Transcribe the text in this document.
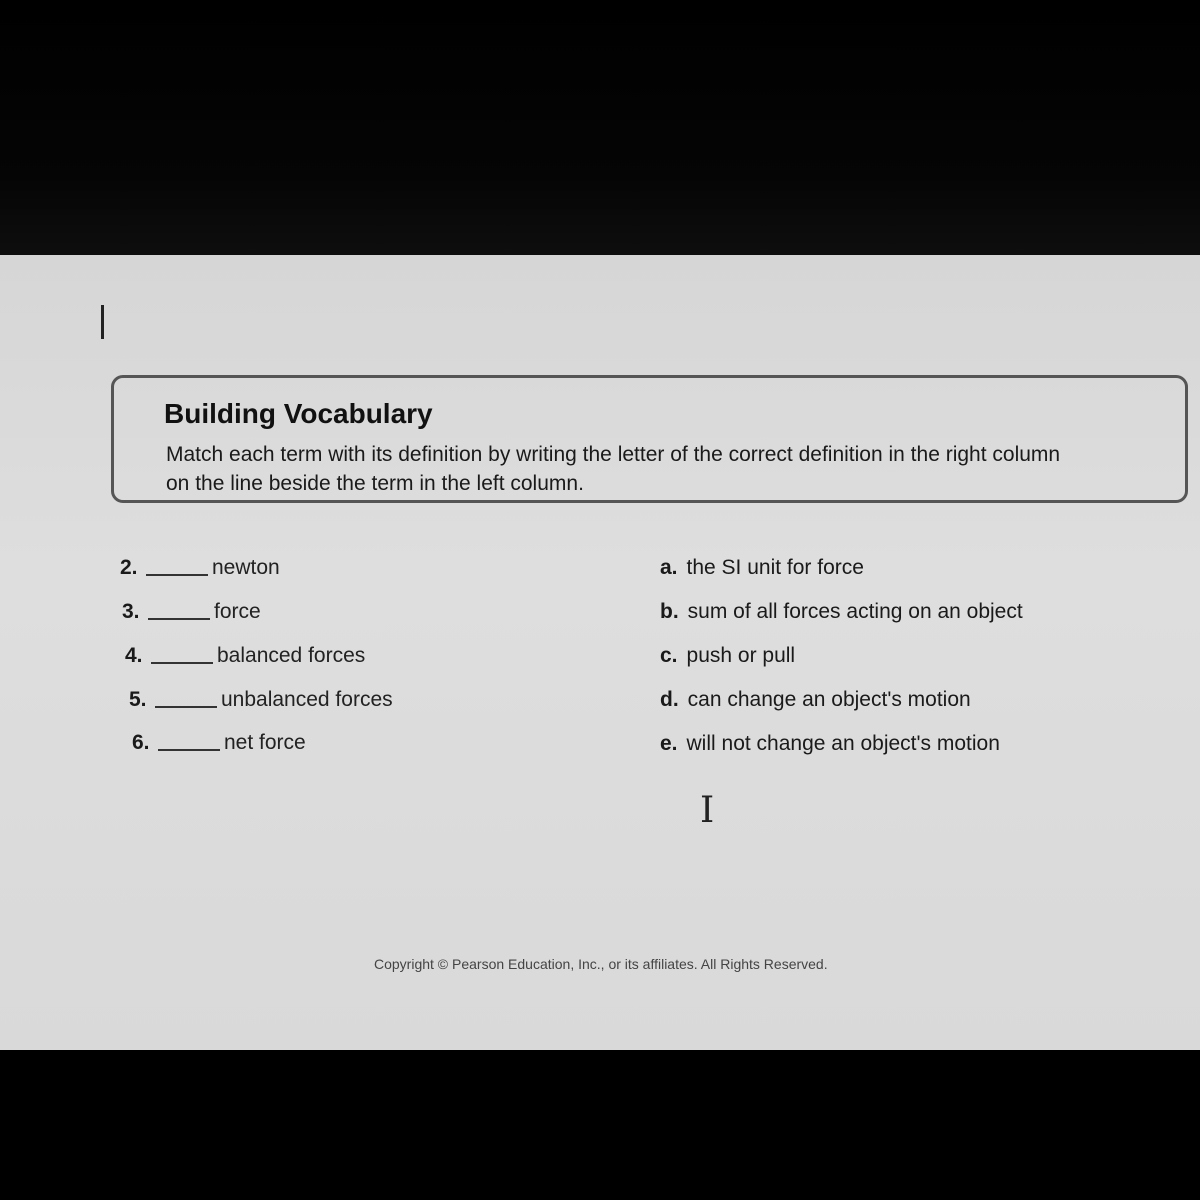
Building Vocabulary
Match each term with its definition by writing the letter of the correct definition in the right column on the line beside the term in the left column.
2.	newton
3.	force
4.	balanced forces
5.	unbalanced forces
6.	net force
a. the SI unit for force
b. sum of all forces acting on an object
c. push or pull
d. can change an object's motion
e. will not change an object's motion
I
Copyright © Pearson Education, Inc., or its affiliates. All Rights Reserved.
